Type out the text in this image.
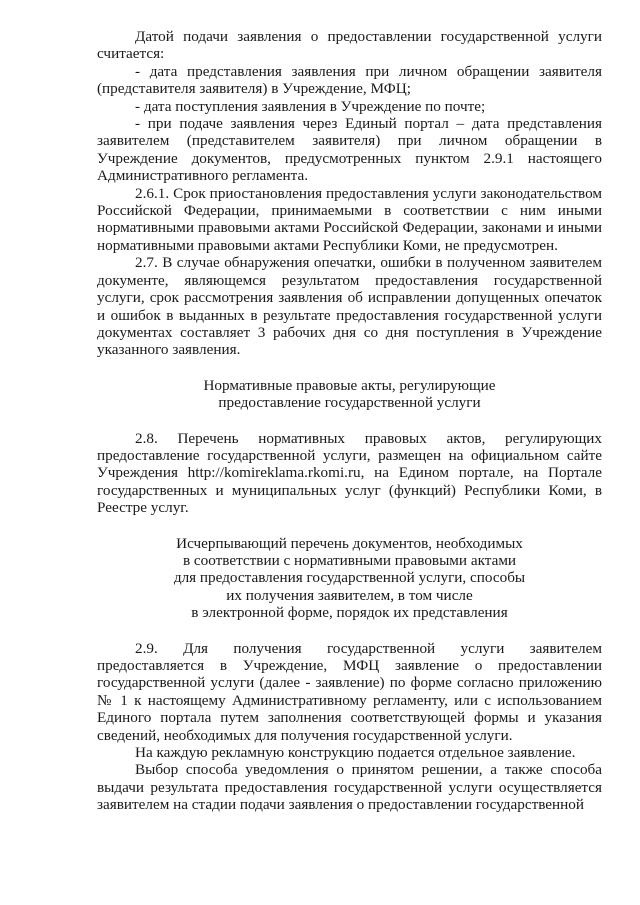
Датой подачи заявления о предоставлении государственной услуги считается:

- дата представления заявления при личном обращении заявителя (представителя заявителя) в Учреждение, МФЦ;

- дата поступления заявления в Учреждение по почте;

- при подаче заявления через Единый портал – дата представления заявителем (представителем заявителя) при личном обращении в Учреждение документов, предусмотренных пунктом 2.9.1 настоящего Административного регламента.

2.6.1. Срок приостановления предоставления услуги законодательством Российской Федерации, принимаемыми в соответствии с ним иными нормативными правовыми актами Российской Федерации, законами и иными нормативными правовыми актами Республики Коми, не предусмотрен.

2.7. В случае обнаружения опечатки, ошибки в полученном заявителем документе, являющемся результатом предоставления государственной услуги, срок рассмотрения заявления об исправлении допущенных опечаток и ошибок в выданных в результате предоставления государственной услуги документах составляет 3 рабочих дня со дня поступления в Учреждение указанного заявления.

Нормативные правовые акты, регулирующие
предоставление государственной услуги

2.8. Перечень нормативных правовых актов, регулирующих предоставление государственной услуги, размещен на официальном сайте Учреждения http://komireklama.rkomi.ru, на Едином портале, на Портале государственных и муниципальных услуг (функций) Республики Коми, в Реестре услуг.

Исчерпывающий перечень документов, необходимых
в соответствии с нормативными правовыми актами
для предоставления государственной услуги, способы
их получения заявителем, в том числе
в электронной форме, порядок их представления

2.9. Для получения государственной услуги заявителем предоставляется в Учреждение, МФЦ заявление о предоставлении государственной услуги (далее - заявление) по форме согласно приложению № 1 к настоящему Административному регламенту, или с использованием Единого портала путем заполнения соответствующей формы и указания сведений, необходимых для получения государственной услуги.

На каждую рекламную конструкцию подается отдельное заявление.

Выбор способа уведомления о принятом решении, а также способа выдачи результата предоставления государственной услуги осуществляется заявителем на стадии подачи заявления о предоставлении государственной
